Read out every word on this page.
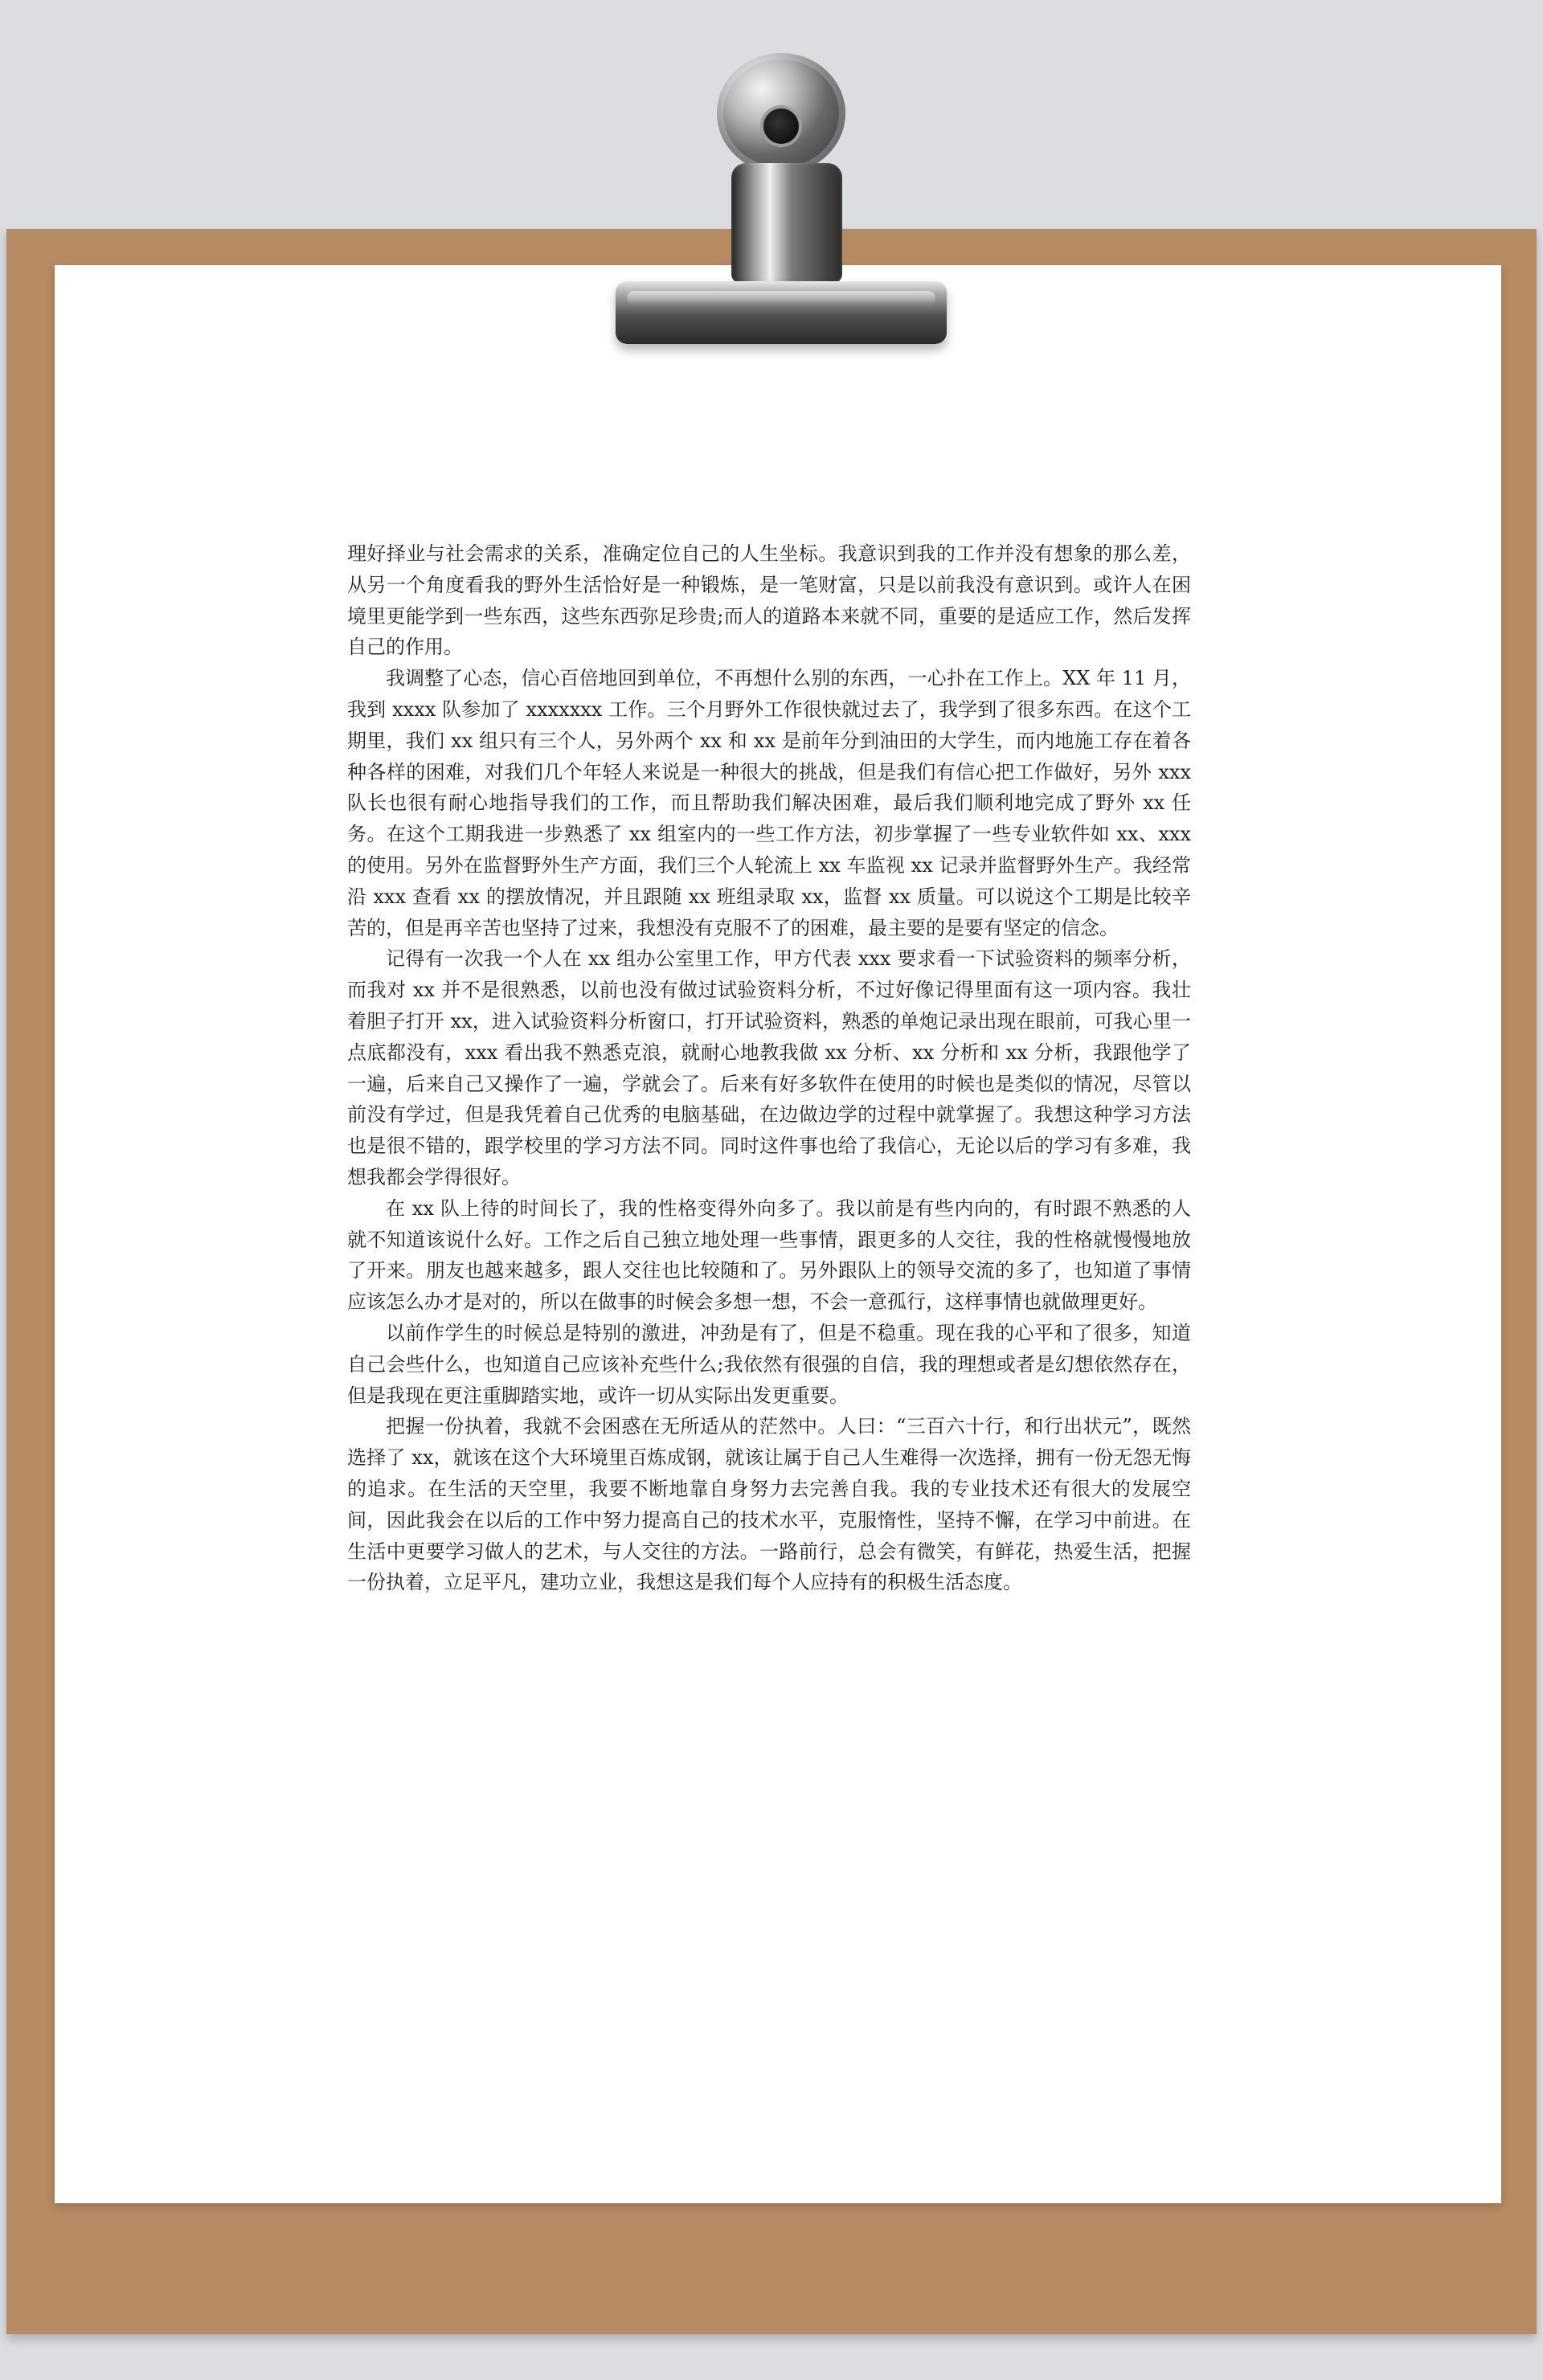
理好择业与社会需求的关系，准确定位自己的人生坐标。我意识到我的工作并没有想象的那么差，从另一个角度看我的野外生活恰好是一种锻炼，是一笔财富，只是以前我没有意识到。或许人在困境里更能学到一些东西，这些东西弥足珍贵;而人的道路本来就不同，重要的是适应工作，然后发挥自己的作用。

我调整了心态，信心百倍地回到单位，不再想什么别的东西，一心扑在工作上。XX 年 11 月，我到 xxxx 队参加了 xxxxxxx 工作。三个月野外工作很快就过去了，我学到了很多东西。在这个工期里，我们 xx 组只有三个人，另外两个 xx 和 xx 是前年分到油田的大学生，而内地施工存在着各种各样的困难，对我们几个年轻人来说是一种很大的挑战，但是我们有信心把工作做好，另外 xxx 队长也很有耐心地指导我们的工作，而且帮助我们解决困难，最后我们顺利地完成了野外 xx 任务。在这个工期我进一步熟悉了 xx 组室内的一些工作方法，初步掌握了一些专业软件如 xx、xxx 的使用。另外在监督野外生产方面，我们三个人轮流上 xx 车监视 xx 记录并监督野外生产。我经常沿 xxx 查看 xx 的摆放情况，并且跟随 xx 班组录取 xx，监督 xx 质量。可以说这个工期是比较辛苦的，但是再辛苦也坚持了过来，我想没有克服不了的困难，最主要的是要有坚定的信念。

记得有一次我一个人在 xx 组办公室里工作，甲方代表 xxx 要求看一下试验资料的频率分析，而我对 xx 并不是很熟悉，以前也没有做过试验资料分析，不过好像记得里面有这一项内容。我壮着胆子打开 xx，进入试验资料分析窗口，打开试验资料，熟悉的单炮记录出现在眼前，可我心里一点底都没有，xxx 看出我不熟悉克浪，就耐心地教我做 xx 分析、xx 分析和 xx 分析，我跟他学了一遍，后来自己又操作了一遍，学就会了。后来有好多软件在使用的时候也是类似的情况，尽管以前没有学过，但是我凭着自己优秀的电脑基础，在边做边学的过程中就掌握了。我想这种学习方法也是很不错的，跟学校里的学习方法不同。同时这件事也给了我信心，无论以后的学习有多难，我想我都会学得很好。

在 xx 队上待的时间长了，我的性格变得外向多了。我以前是有些内向的，有时跟不熟悉的人就不知道该说什么好。工作之后自己独立地处理一些事情，跟更多的人交往，我的性格就慢慢地放了开来。朋友也越来越多，跟人交往也比较随和了。另外跟队上的领导交流的多了，也知道了事情应该怎么办才是对的，所以在做事的时候会多想一想，不会一意孤行，这样事情也就做理更好。

以前作学生的时候总是特别的激进，冲劲是有了，但是不稳重。现在我的心平和了很多，知道自己会些什么，也知道自己应该补充些什么;我依然有很强的自信，我的理想或者是幻想依然存在，但是我现在更注重脚踏实地，或许一切从实际出发更重要。

把握一份执着，我就不会困惑在无所适从的茫然中。人曰：“三百六十行，和行出状元”，既然选择了 xx，就该在这个大环境里百炼成钢，就该让属于自己人生难得一次选择，拥有一份无怨无悔的追求。在生活的天空里，我要不断地靠自身努力去完善自我。我的专业技术还有很大的发展空间，因此我会在以后的工作中努力提高自己的技术水平，克服惰性，坚持不懈，在学习中前进。在生活中更要学习做人的艺术，与人交往的方法。一路前行，总会有微笑，有鲜花，热爱生活，把握一份执着，立足平凡，建功立业，我想这是我们每个人应持有的积极生活态度。
